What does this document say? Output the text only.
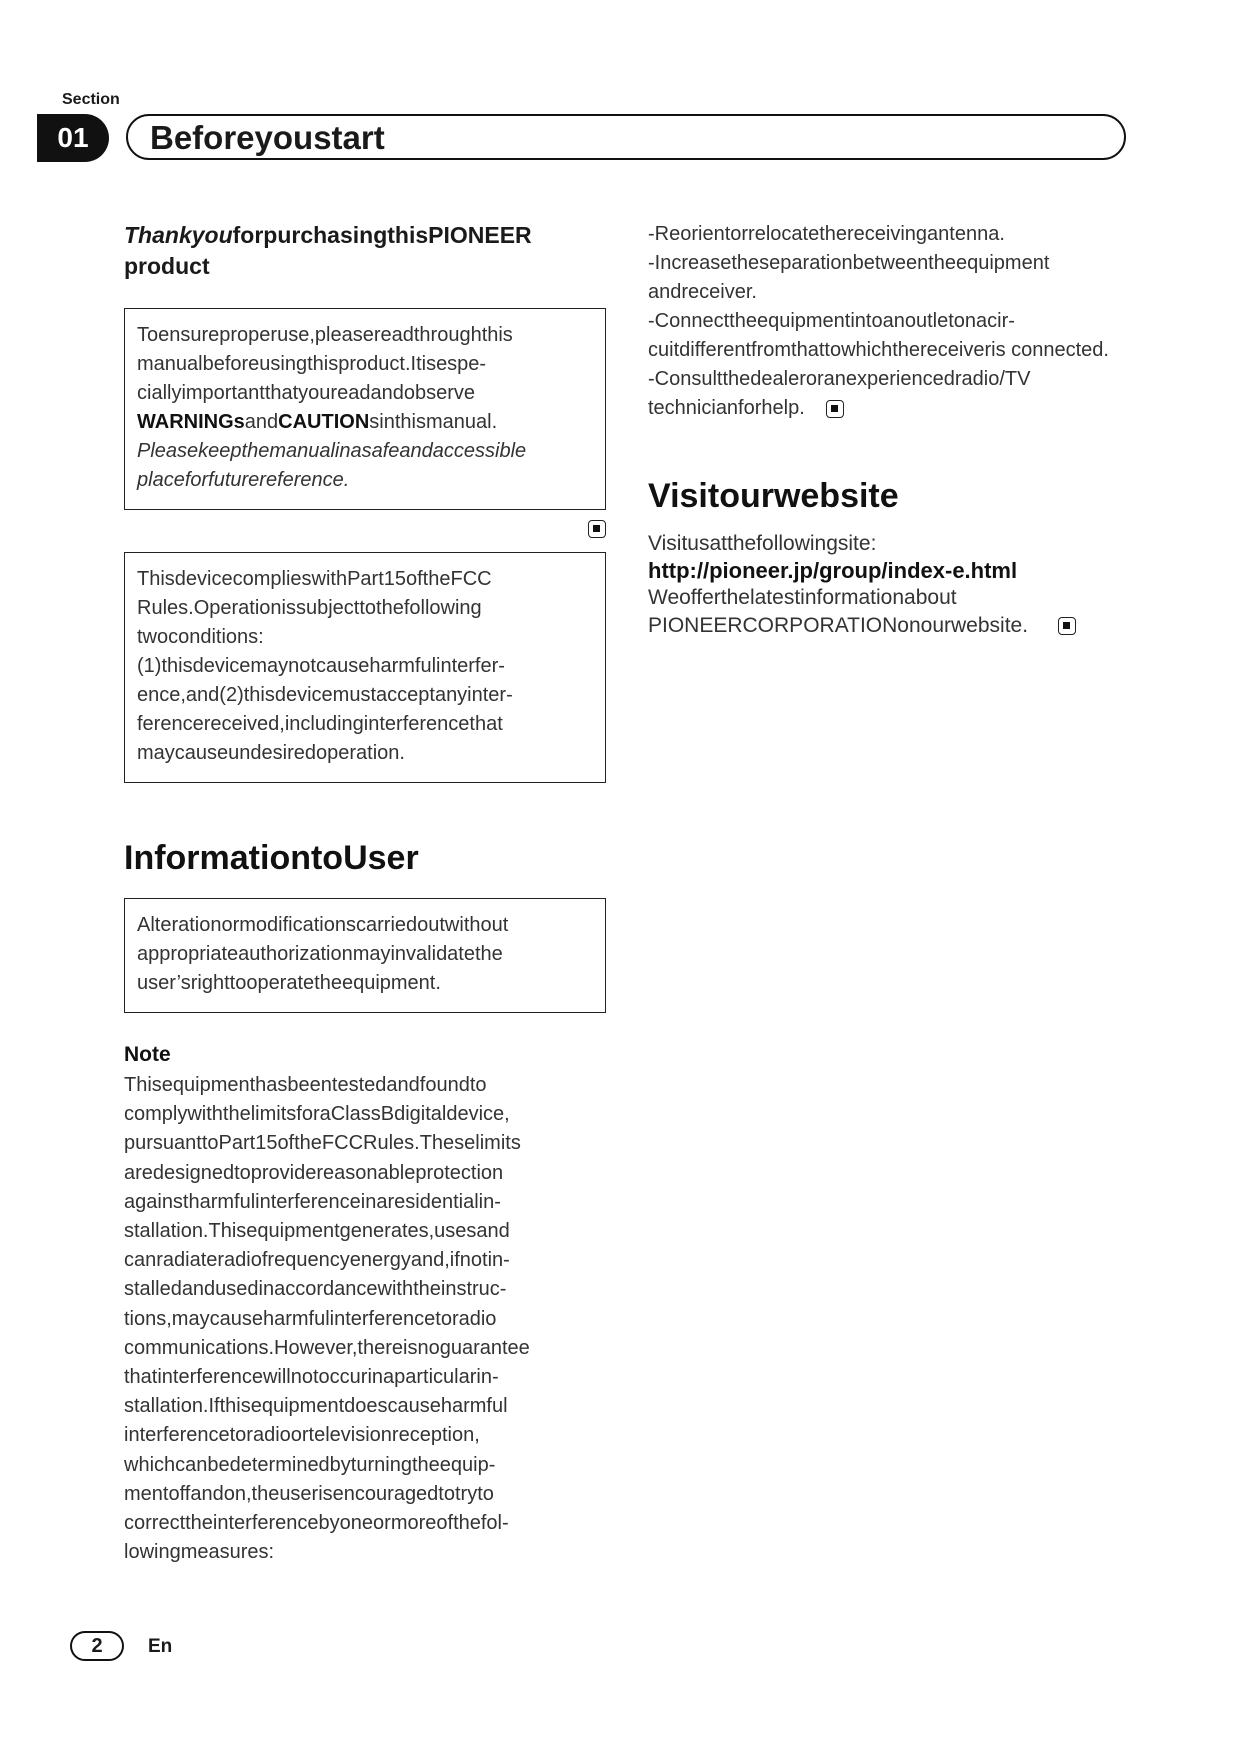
Section
01	Beforeyoustart

ThankyouforpurchasingthisPIONEER product

Toensureproperuse,pleasereadthroughthis manualbeforeusingthisproduct.Itisespe-ciallyimportantthatyoureadandobserve WARNINGsandCAUTIONsinthismanual.

Pleasekeepthemanualinasafeandaccessible placeforfuturereference.

ThisdevicecomplieswithPart15oftheFCC Rules.Operationissubjecttothefollowing twoconditions: (1)thisdevicemaynotcauseharmfulinterfer-ence,and(2)thisdevicemustacceptanyinter-ferencereceived,includinginterferencethat maycauseundesiredoperation.

InformationtoUser

Alterationormodificationscarriedoutwithout appropriateauthorizationmayinvalidatethe user’srighttooperatetheequipment.

Note

Thisequipmenthasbeentestedandfoundto complywiththelimitsforaClassBdigitaldevice, pursuanttoPart15oftheFCCRules.Theselimits aredesignedtoprovidereasonableprotection againstharmfulinterferenceinaresidentialin-stallation.Thisequipmentgenerates,usesand canradiateradiofrequencyenergyand,ifnotin-stalledandusedinaccordancewiththeinstruc-tions,maycauseharmfulinterferencetoradio communications.However,thereisnoguarantee thatinterferencewillnotoccurinaparticularin-stallation.Ifthisequipmentdoescauseharmful interferencetoradioortelevisionreception, whichcanbedeterminedbyturningtheequip-mentoffandon,theuserisencouragedtotryto correcttheinterferencebyoneormoreofthefol-lowingmeasures:

-Reorientorrelocatethereceivingantenna.

-Increasetheseparationbetweentheequipment andreceiver.

-Connecttheequipmentintoanoutletonacir-cuitdifferentfromthattowhichthereceiveris connected.

-Consultthedealeroranexperiencedradio/TV technicianforhelp.

Visitourwebsite

Visitusatthefollowingsite:

http://pioneer.jp/group/index-e.html

Weofferthelatestinformationabout PIONEERCORPORATIONonourwebsite.

2	En
